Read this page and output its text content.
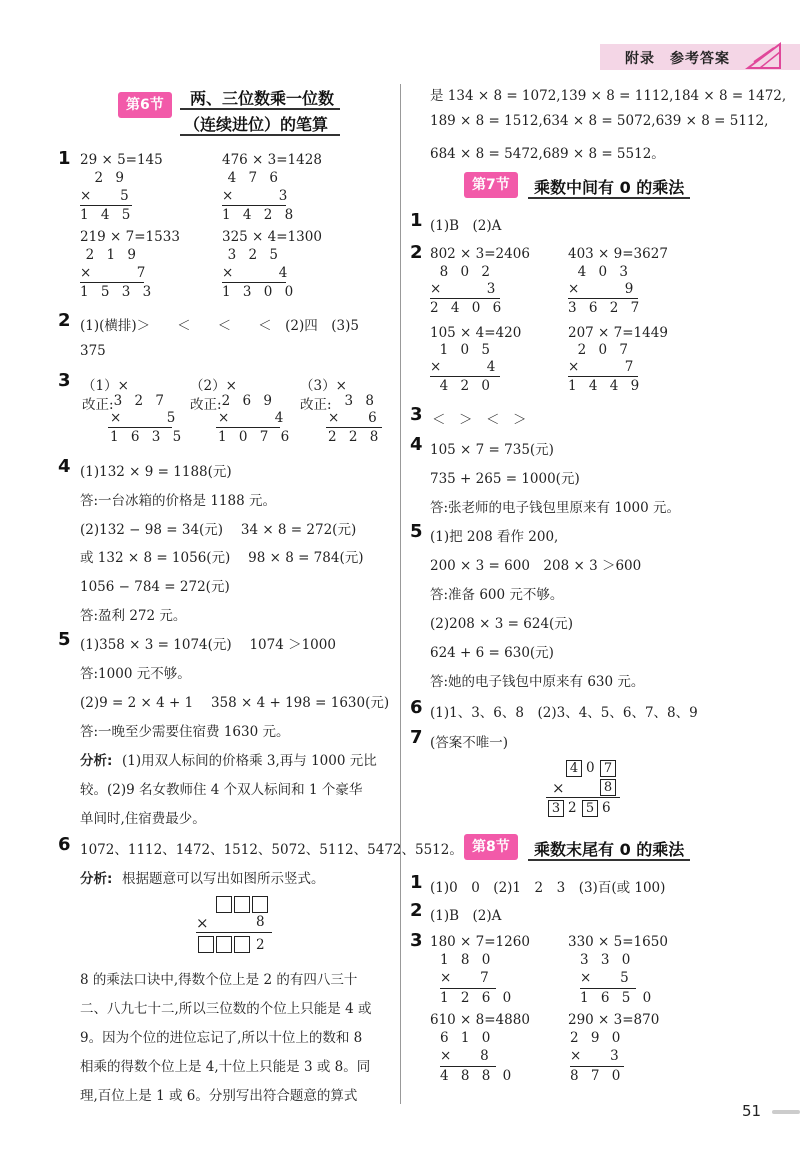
附录　参考答案
第6节	两、三位数乘一位数
（连续进位）的笔算
1 29 × 5=145
2 9
×   5
1 4 5
476 × 3=1428
4 7 6
×     3
1 4 2 8
219 × 7=1533
2 1 9
×     7
1 5 3 3
325 × 4=1300
3 2 5
×     4
1 3 0 0
2 (1)(横排)＞　　＜　　＜　　＜　(2)四　(3)5
375
3 （1）×	（2）×	（3）×
改正: 3 2 7
×     5
1 6 3 5
改正: 2 6 9
×     4
1 0 7 6
改正: 3 8
×   6
2 2 8
4 (1)132 × 9 = 1188(元)
答:一台冰箱的价格是 1188 元。
(2)132 − 98 = 34(元)　 34 × 8 = 272(元)
或 132 × 8 = 1056(元)　 98 × 8 = 784(元)
1056 − 784 = 272(元)
答:盈利 272 元。
5 (1)358 × 3 = 1074(元)　 1074 ＞1000
答:1000 元不够。
(2)9 = 2 × 4 + 1　 358 × 4 + 198 = 1630(元)
答:一晚至少需要住宿费 1630 元。
分析: (1)用双人标间的价格乘 3,再与 1000 元比
较。(2)9 名女教师住 4 个双人标间和 1 个豪华
单间时,住宿费最少。
6 1072、1112、1472、1512、5072、5112、5472、5512。
分析: 根据题意可以写出如图所示竖式。
×	8
2
8 的乘法口诀中,得数个位上是 2 的有四八三十
二、八九七十二,所以三位数的个位上只能是 4 或
9。因为个位的进位忘记了,所以十位上的数和 8
相乘的得数个位上是 4,十位上只能是 3 或 8。同
理,百位上是 1 或 6。分别写出符合题意的算式
是 134 × 8 = 1072,139 × 8 = 1112,184 × 8 = 1472,
189 × 8 = 1512,634 × 8 = 5072,639 × 8 = 5112,
684 × 8 = 5472,689 × 8 = 5512。
第7节	乘数中间有 0 的乘法
1 (1)B　(2)A
2 802 × 3=2406
8 0 2
×     3
2 4 0 6
403 × 9=3627
4 0 3
×     9
3 6 2 7
105 × 4=420
1 0 5
×     4
4 2 0
207 × 7=1449
2 0 7
×     7
1 4 4 9
3 ＜　＞　＜　＞
4 105 × 7 = 735(元)
735 + 265 = 1000(元)
答:张老师的电子钱包里原来有 1000 元。
5 (1)把 208 看作 200,
200 × 3 = 600　208 × 3 ＞600
答:准备 600 元不够。
(2)208 × 3 = 624(元)
624 + 6 = 630(元)
答:她的电子钱包中原来有 630 元。
6 (1)1、3、6、8　(2)3、4、5、6、7、8、9
7 (答案不唯一)
4 0 7
×	8
3 2 5 6
第8节	乘数末尾有 0 的乘法
1 (1)0　0　(2)1　2　3　(3)百(或 100)
2 (1)B　(2)A
3 180 × 7=1260
1 8 0
×   7
1 2 6 0
330 × 5=1650
3 3 0
×   5
1 6 5 0
610 × 8=4880
6 1 0
×   8
4 8 8 0
290 × 3=870
2 9 0
×   3
8 7 0
51
